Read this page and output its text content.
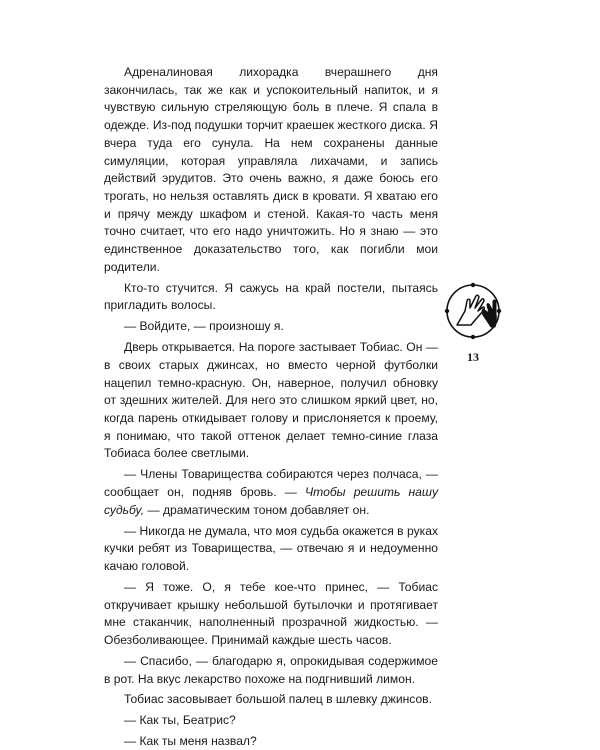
Адреналиновая лихорадка вчерашнего дня закончилась, так же как и успокоительный напиток, и я чувствую сильную стреляющую боль в плече. Я спала в одежде. Из-под подушки торчит краешек жесткого диска. Я вчера туда его сунула. На нем сохранены данные симуляции, которая управляла лихачами, и запись действий эрудитов. Это очень важно, я даже боюсь его трогать, но нельзя оставлять диск в кровати. Я хватаю его и прячу между шкафом и стеной. Какая-то часть меня точно считает, что его надо уничтожить. Но я знаю — это единственное доказательство того, как погибли мои родители.

Кто-то стучится. Я сажусь на край постели, пытаясь пригладить волосы.

— Войдите, — произношу я.

Дверь открывается. На пороге застывает Тобиас. Он — в своих старых джинсах, но вместо черной футболки нацепил темно-красную. Он, наверное, получил обновку от здешних жителей. Для него это слишком яркий цвет, но, когда парень откидывает голову и прислоняется к проему, я понимаю, что такой оттенок делает темно-синие глаза Тобиаса более светлыми.

— Члены Товарищества собираются через полчаса, — сообщает он, подняв бровь. — Чтобы решить нашу судьбу, — драматическим тоном добавляет он.

— Никогда не думала, что моя судьба окажется в руках кучки ребят из Товарищества, — отвечаю я и недоуменно качаю головой.

— Я тоже. О, я тебе кое-что принес, — Тобиас откручивает крышку небольшой бутылочки и протягивает мне стаканчик, наполненный прозрачной жидкостью. — Обезболивающее. Принимай каждые шесть часов.

— Спасибо, — благодарю я, опрокидывая содержимое в рот. На вкус лекарство похоже на подгнивший лимон.

Тобиас засовывает большой палец в шлевку джинсов.

— Как ты, Беатрис?

— Как ты меня назвал?

13
